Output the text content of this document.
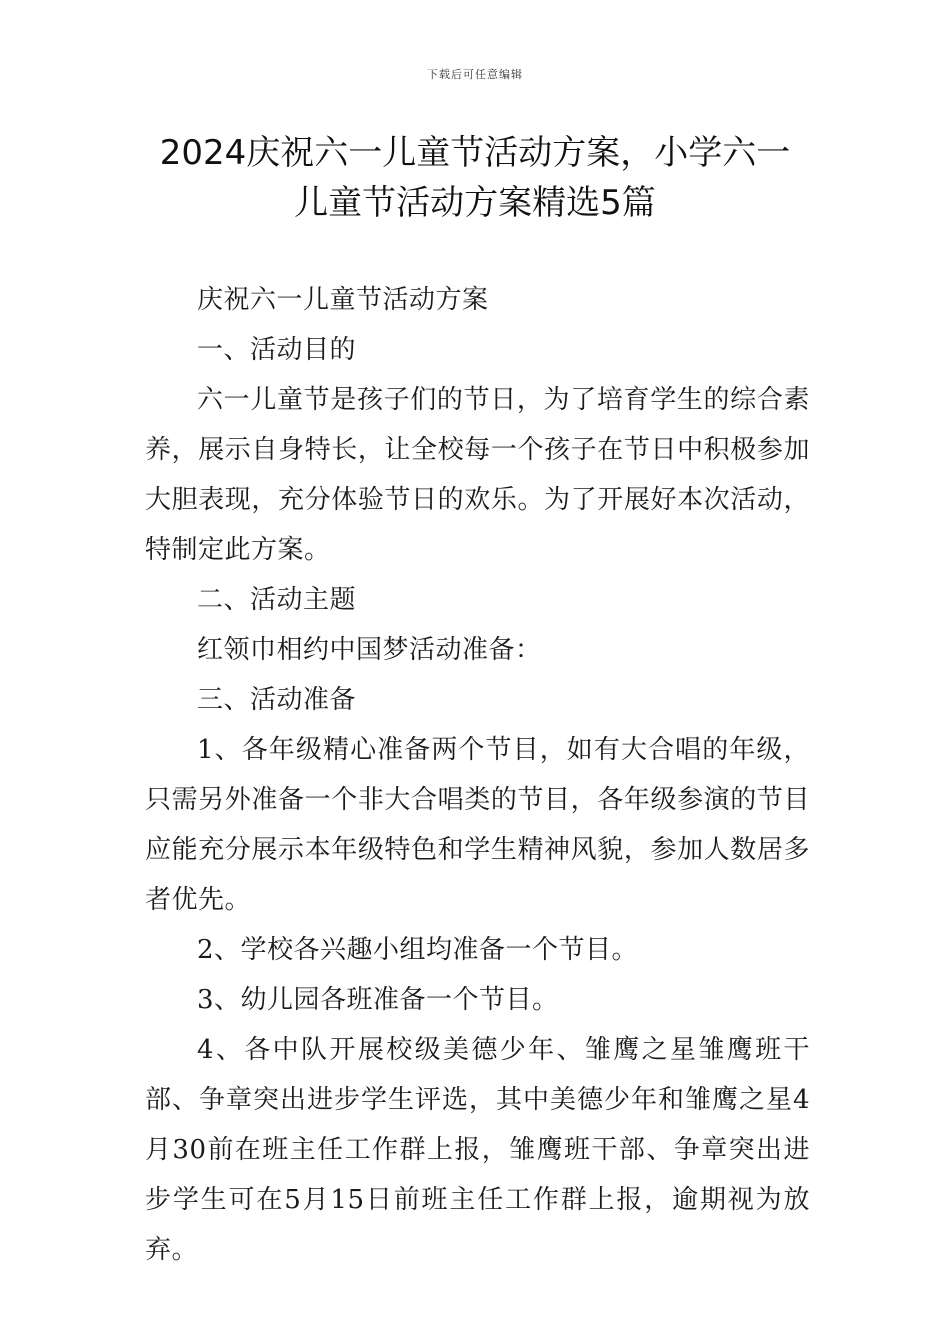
下载后可任意编辑
2024庆祝六一儿童节活动方案，小学六一
儿童节活动方案精选5篇

庆祝六一儿童节活动方案

一、活动目的

六一儿童节是孩子们的节日，为了培育学生的综合素养，展示自身特长，让全校每一个孩子在节日中积极参加大胆表现，充分体验节日的欢乐。为了开展好本次活动，特制定此方案。

二、活动主题

红领巾相约中国梦活动准备：

三、活动准备

1、各年级精心准备两个节目，如有大合唱的年级，只需另外准备一个非大合唱类的节目，各年级参演的节目应能充分展示本年级特色和学生精神风貌，参加人数居多者优先。

2、学校各兴趣小组均准备一个节目。

3、幼儿园各班准备一个节目。

4、各中队开展校级美德少年、雏鹰之星雏鹰班干部、争章突出进步学生评选，其中美德少年和雏鹰之星4月30前在班主任工作群上报，雏鹰班干部、争章突出进步学生可在5月15日前班主任工作群上报，逾期视为放弃。
